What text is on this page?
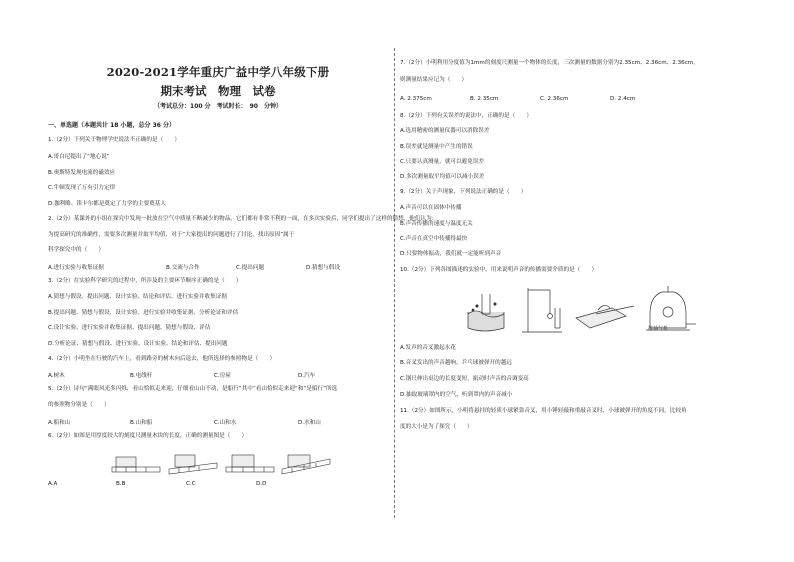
2020-2021学年重庆广益中学八年级下册
期末考试　物理　试卷
（考试总分：100 分　考试时长：　90　分钟）
一、单选题（本题共计 18 小题，总分 36 分）
1.（2分）下列关于物理学史说法不正确的是（　　）
A.哥白尼提出了“地心说”
B.奥斯特发现电流的磁效应
C.牛顿发现了万有引力定律
D.伽利略、笛卡尔都是奠定了力学的主要奠基人
2.（2分）某课外的小组在探究中发现一批放在空气中质量不断减少的物品，它们都有非常不利的一面，在多次实验后，同学们提出了这样的猜想，他们认为：
为提高研究的准确性，需要多次测量并取平均值，对于“大家提出的问题进行了讨论，找出原因”属于
科学探究中的（　　）
A.进行实验与收集证据	B.交流与合作	C.提出问题	D.猜想与假设
3.（2分）在实验科学研究的过程中，所涉及的主要环节顺序正确的是（　　）
A.猜想与假设、提出问题、设计实验、结论和评估、进行实验并收集证据
B.提出问题、猜想与假设、设计实验、进行实验并收集证据、分析论证和评估
C.设计实验、进行实验并收集证据、提出问题、猜想与假设、评估
D.分析论证、猜想与假设、进行实验、设计实验、结论和评估、提出问题
4.（2分）小明坐在行驶的汽车上，看到路旁的树木向后退去，他所选择的参照物是（　　）
A.树木	B.电线杆	C.房屋	D.汽车
5.（2分）诗句“满眼风光多闪烁，看山恰似走来迎，仔细看山山不动，是船行”其中“看山恰似走来迎”和“是船行”所选
的参照物分别是（　　）
A.船和山	B.山和船	C.山和水	D.水和山
6.（2分）如图是用厚度较大的刻度尺测量木块的长度，正确的测量图是（　　）
A.A	B.B	C.C	D.D
7.（2分）小明利用分度值为1mm的刻度尺测量一个物体的长度，三次测量的数据分别为2.35cm、2.36cm、2.36cm，
则测量结果应记为（　　）
A. 2.375cm	B. 2.35cm	C. 2.36cm	D. 2.4cm
8.（2分）下列有关误差的说法中，正确的是（　　）
A.选用精密的测量仪器可以消除误差
B.误差就是测量中产生的错误
C.只要认真测量，就可以避免误差
D.多次测量取平均值可以减小误差
9.（2分）关于声现象，下列说法正确的是（　　）
A.声音可以在固体中传播
B.声音传播的速度与温度无关
C.声音在真空中传播得最快
D.只要物体振动，我们就一定能听到声音
10.（2分）下列各图描述的实验中，用来说明声音的传播需要介质的是（　　）
接抽气机
A.发声的音叉激起水花
B.音叉发出的声音越响，乒乓球被弹开的越远
C.钢尺伸出桌边的长度变短，振动时声音的音调变高
D.抽取玻璃罩内的空气，听到罩内的声音减小
11.（2分）如图所示，小明将悬挂的轻质小球紧靠音叉，用小锤轻敲和重敲音叉时，小球被弹开的角度不同，比较角
度的大小是为了探究（　　）
